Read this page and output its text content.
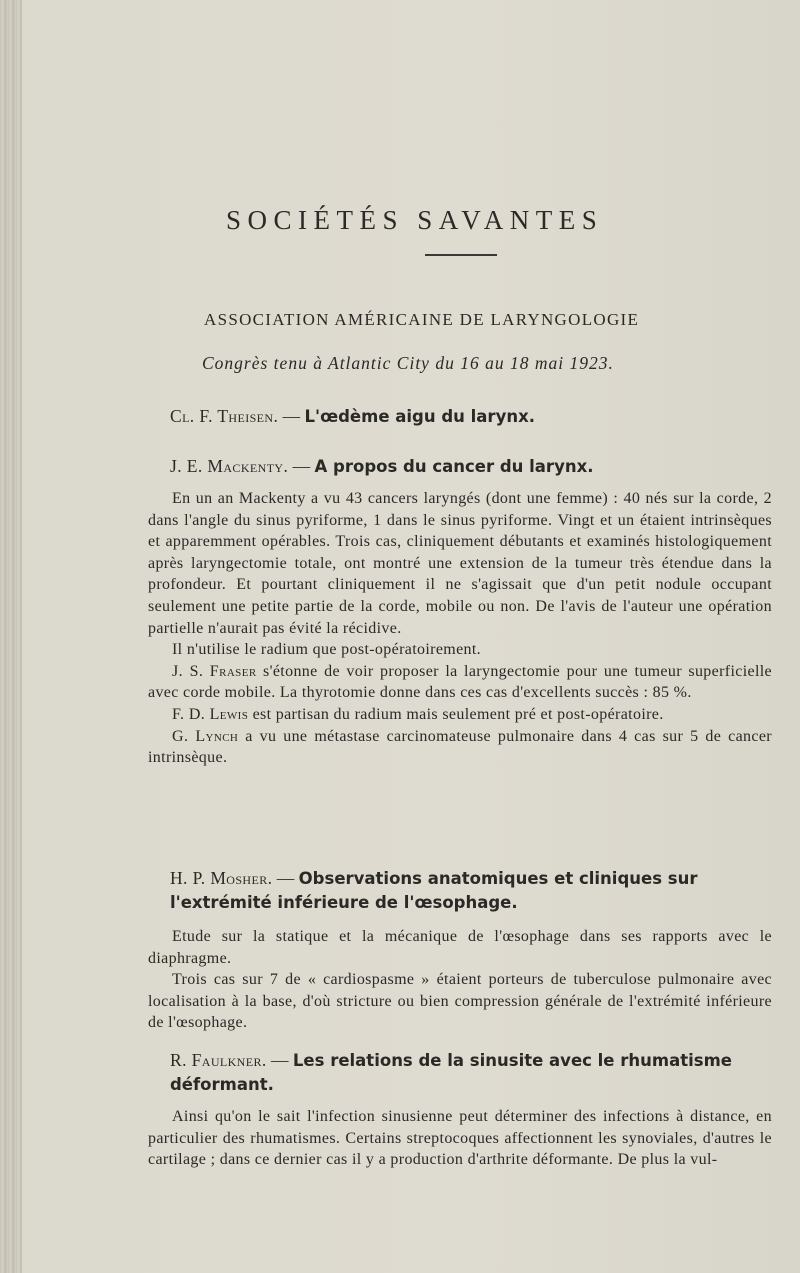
SOCIÉTÉS SAVANTES
ASSOCIATION AMÉRICAINE DE LARYNGOLOGIE
Congrès tenu à Atlantic City du 16 au 18 mai 1923.
Cl. F. Theisen. — L'œdème aigu du larynx.
J. E. Mackenty. — A propos du cancer du larynx.

En un an Mackenty a vu 43 cancers laryngés (dont une femme) : 40 nés sur la corde, 2 dans l'angle du sinus pyriforme, 1 dans le sinus pyriforme. Vingt et un étaient intrinsèques et apparemment opérables. Trois cas, cliniquement débutants et examinés histologiquement après laryngectomie totale, ont montré une extension de la tumeur très étendue dans la profondeur. Et pourtant cliniquement il ne s'agissait que d'un petit nodule occupant seulement une petite partie de la corde, mobile ou non. De l'avis de l'auteur une opération partielle n'aurait pas évité la récidive.

Il n'utilise le radium que post-opératoirement.

J. S. Fraser s'étonne de voir proposer la laryngectomie pour une tumeur superficielle avec corde mobile. La thyrotomie donne dans ces cas d'excellents succès : 85 %.

F. D. Lewis est partisan du radium mais seulement pré et post-opératoire.

G. Lynch a vu une métastase carcinomateuse pulmonaire dans 4 cas sur 5 de cancer intrinsèque.

H. P. Mosher. — Observations anatomiques et cliniques sur l'extrémité inférieure de l'œsophage.

Etude sur la statique et la mécanique de l'œsophage dans ses rapports avec le diaphragme.

Trois cas sur 7 de « cardiospasme » étaient porteurs de tuberculose pulmonaire avec localisation à la base, d'où stricture ou bien compression générale de l'extrémité inférieure de l'œsophage.

R. Faulkner. — Les relations de la sinusite avec le rhumatisme déformant.

Ainsi qu'on le sait l'infection sinusienne peut déterminer des infections à distance, en particulier des rhumatismes. Certains streptocoques affectionnent les synoviales, d'autres le cartilage ; dans ce dernier cas il y a production d'arthrite déformante. De plus la vul-
